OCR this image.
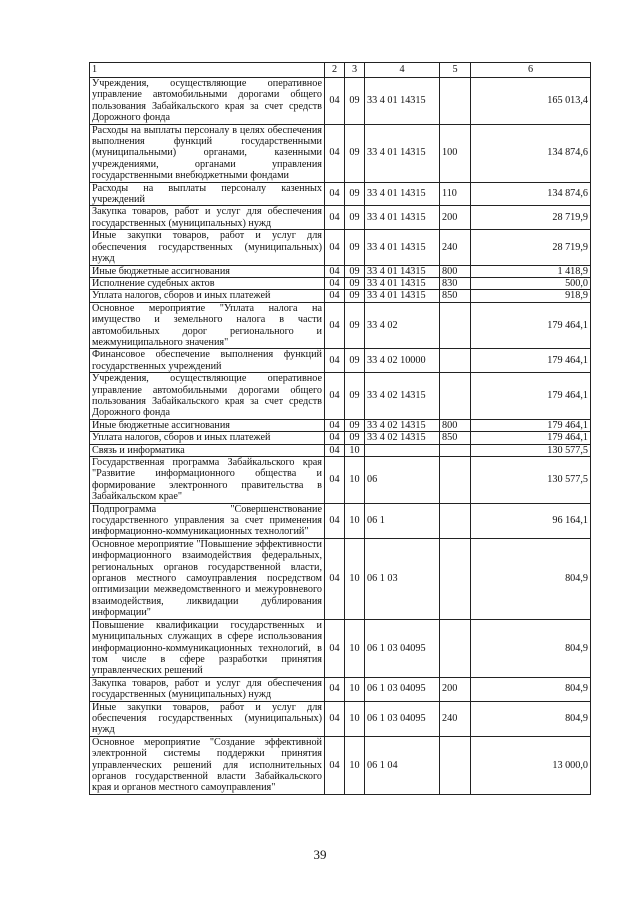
1	2	3	4	5	6
Учреждения, осуществляющие оперативное управление автомобильными дорогами общего пользования Забайкальского края за счет средств Дорожного фонда	04	09	33 4 01 14315		165 013,4
Расходы на выплаты персоналу в целях обеспечения выполнения функций государственными (муниципальными) органами, казенными учреждениями, органами управления государственными внебюджетными фондами	04	09	33 4 01 14315	100	134 874,6
Расходы на выплаты персоналу казенных учреждений	04	09	33 4 01 14315	110	134 874,6
Закупка товаров, работ и услуг для обеспечения государственных (муниципальных) нужд	04	09	33 4 01 14315	200	28 719,9
Иные закупки товаров, работ и услуг для обеспечения государственных (муниципальных) нужд	04	09	33 4 01 14315	240	28 719,9
Иные бюджетные ассигнования	04	09	33 4 01 14315	800	1 418,9
Исполнение судебных актов	04	09	33 4 01 14315	830	500,0
Уплата налогов, сборов и иных платежей	04	09	33 4 01 14315	850	918,9
Основное мероприятие "Уплата налога на имущество и земельного налога в части автомобильных дорог регионального и межмуниципального значения"	04	09	33 4 02		179 464,1
Финансовое обеспечение выполнения функций государственных учреждений	04	09	33 4 02 10000		179 464,1
Учреждения, осуществляющие оперативное управление автомобильными дорогами общего пользования Забайкальского края за счет средств Дорожного фонда	04	09	33 4 02 14315		179 464,1
Иные бюджетные ассигнования	04	09	33 4 02 14315	800	179 464,1
Уплата налогов, сборов и иных платежей	04	09	33 4 02 14315	850	179 464,1
Связь и информатика	04	10			130 577,5
Государственная программа Забайкальского края "Развитие информационного общества и формирование электронного правительства в Забайкальском крае"	04	10	06		130 577,5
Подпрограмма "Совершенствование государственного управления за счет применения информационно-коммуникационных технологий"	04	10	06 1		96 164,1
Основное мероприятие "Повышение эффективности информационного взаимодействия федеральных, региональных органов государственной власти, органов местного самоуправления посредством оптимизации межведомственного и межуровневого взаимодействия, ликвидации дублирования информации"	04	10	06 1 03		804,9
Повышение квалификации государственных и муниципальных служащих в сфере использования информационно-коммуникационных технологий, в том числе в сфере разработки принятия управленческих решений	04	10	06 1 03 04095		804,9
Закупка товаров, работ и услуг для обеспечения государственных (муниципальных) нужд	04	10	06 1 03 04095	200	804,9
Иные закупки товаров, работ и услуг для обеспечения государственных (муниципальных) нужд	04	10	06 1 03 04095	240	804,9
Основное мероприятие "Создание эффективной электронной системы поддержки принятия управленческих решений для исполнительных органов государственной власти Забайкальского края и органов местного самоуправления"	04	10	06 1 04		13 000,0
39
